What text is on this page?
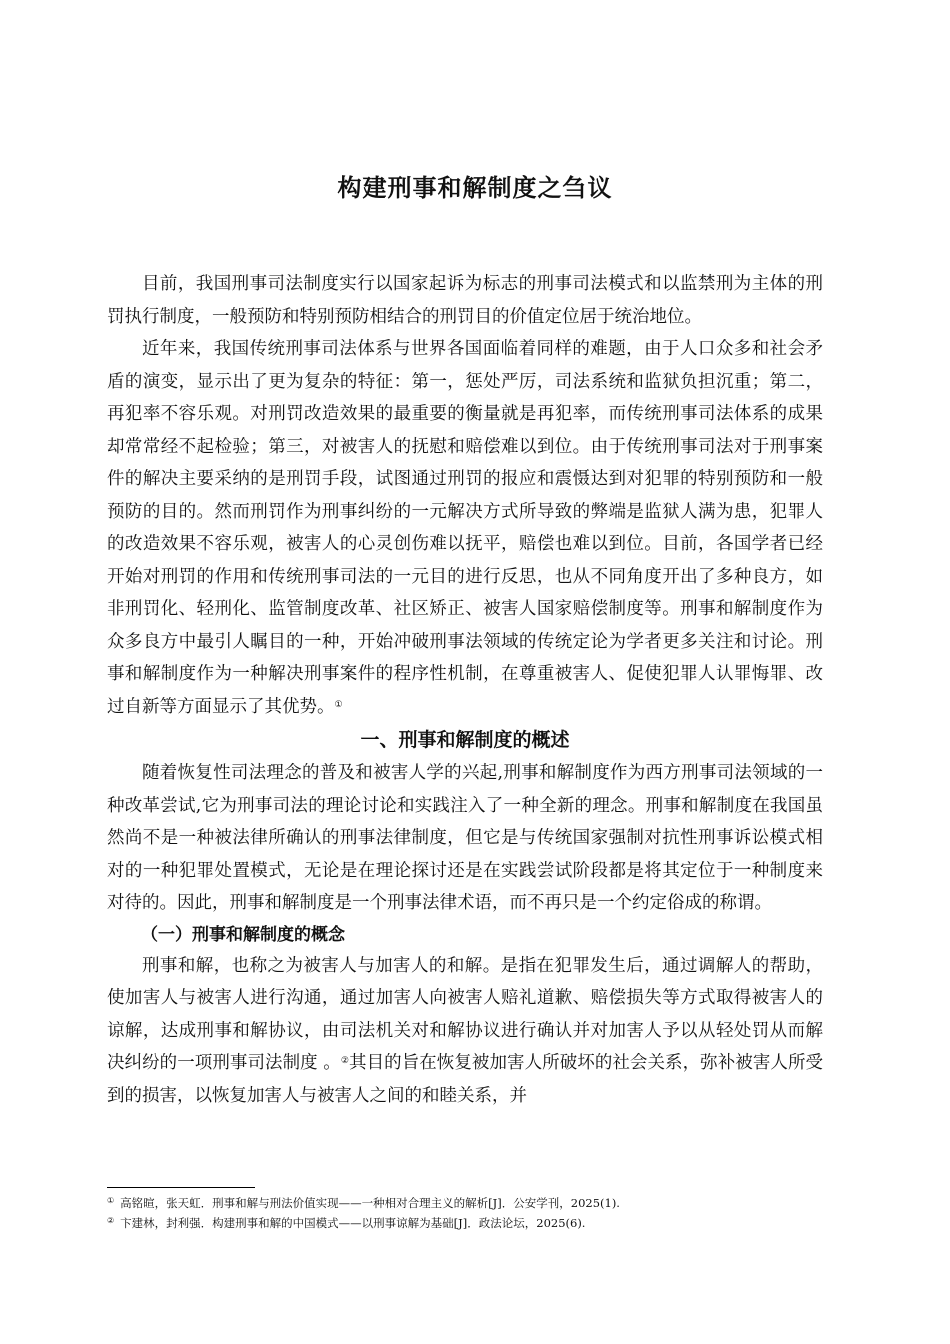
构建刑事和解制度之刍议

目前，我国刑事司法制度实行以国家起诉为标志的刑事司法模式和以监禁刑为主体的刑罚执行制度，一般预防和特别预防相结合的刑罚目的价值定位居于统治地位。

近年来，我国传统刑事司法体系与世界各国面临着同样的难题，由于人口众多和社会矛盾的演变，显示出了更为复杂的特征：第一，惩处严厉，司法系统和监狱负担沉重；第二，再犯率不容乐观。对刑罚改造效果的最重要的衡量就是再犯率，而传统刑事司法体系的成果却常常经不起检验；第三，对被害人的抚慰和赔偿难以到位。由于传统刑事司法对于刑事案件的解决主要采纳的是刑罚手段，试图通过刑罚的报应和震慑达到对犯罪的特别预防和一般预防的目的。然而刑罚作为刑事纠纷的一元解决方式所导致的弊端是监狱人满为患，犯罪人的改造效果不容乐观，被害人的心灵创伤难以抚平，赔偿也难以到位。目前，各国学者已经开始对刑罚的作用和传统刑事司法的一元目的进行反思，也从不同角度开出了多种良方，如非刑罚化、轻刑化、监管制度改革、社区矫正、被害人国家赔偿制度等。刑事和解制度作为众多良方中最引人瞩目的一种，开始冲破刑事法领域的传统定论为学者更多关注和讨论。刑事和解制度作为一种解决刑事案件的程序性机制，在尊重被害人、促使犯罪人认罪悔罪、改过自新等方面显示了其优势。①

一、刑事和解制度的概述

随着恢复性司法理念的普及和被害人学的兴起,刑事和解制度作为西方刑事司法领域的一种改革尝试,它为刑事司法的理论讨论和实践注入了一种全新的理念。刑事和解制度在我国虽然尚不是一种被法律所确认的刑事法律制度，但它是与传统国家强制对抗性刑事诉讼模式相对的一种犯罪处置模式，无论是在理论探讨还是在实践尝试阶段都是将其定位于一种制度来对待的。因此，刑事和解制度是一个刑事法律术语，而不再只是一个约定俗成的称谓。

（一）刑事和解制度的概念

刑事和解，也称之为被害人与加害人的和解。是指在犯罪发生后，通过调解人的帮助，使加害人与被害人进行沟通，通过加害人向被害人赔礼道歉、赔偿损失等方式取得被害人的谅解，达成刑事和解协议，由司法机关对和解协议进行确认并对加害人予以从轻处罚从而解决纠纷的一项刑事司法制度 。②其目的旨在恢复被加害人所破坏的社会关系，弥补被害人所受到的损害，以恢复加害人与被害人之间的和睦关系，并

① 高铭暄，张天虹．刑事和解与刑法价值实现——一种相对合理主义的解析[J]．公安学刊，2025(1).
② 卞建林，封利强．构建刑事和解的中国模式——以刑事谅解为基础[J]．政法论坛，2025(6).
